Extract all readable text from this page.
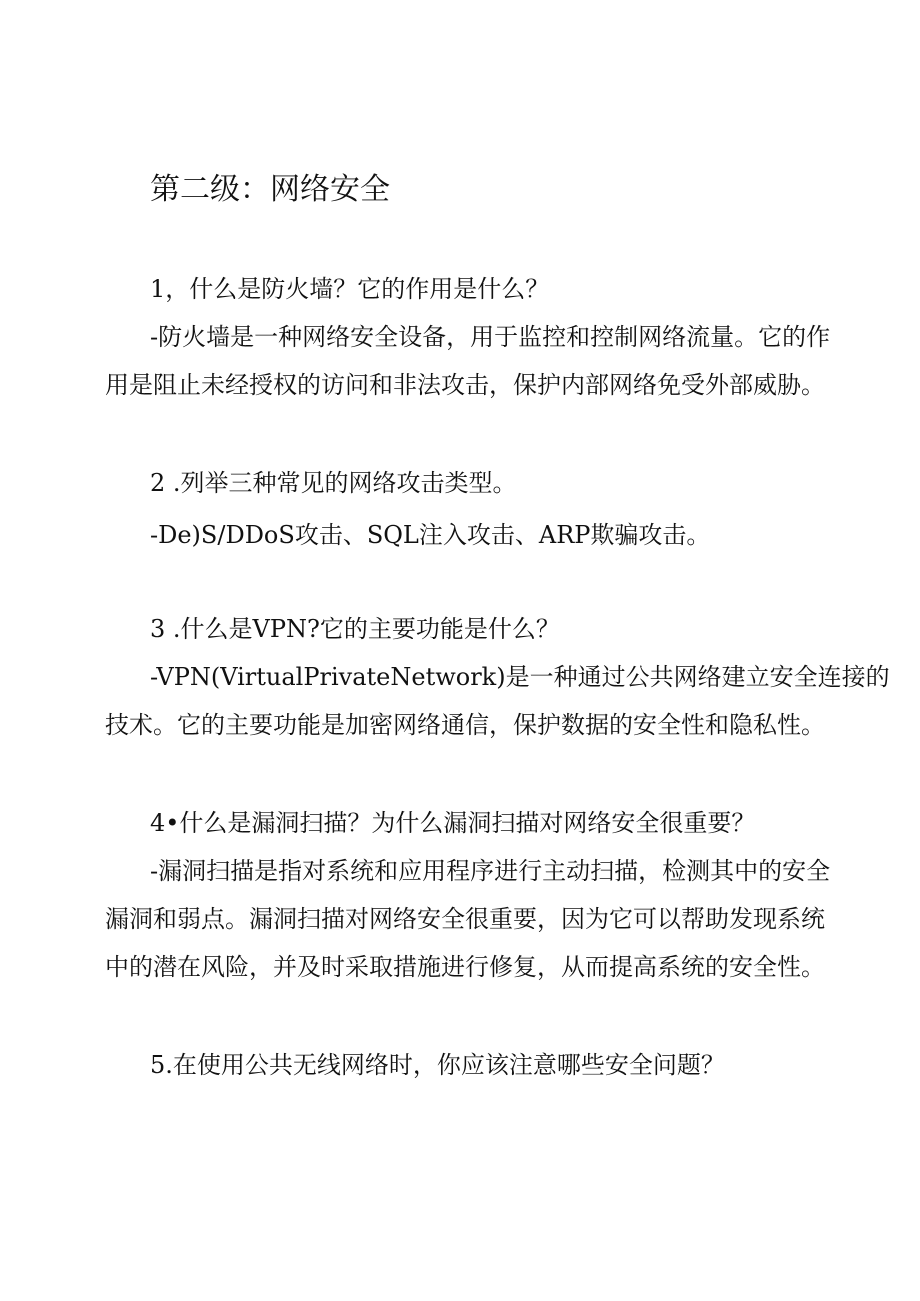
第二级：网络安全
1，什么是防火墙？它的作用是什么？
-防火墙是一种网络安全设备，用于监控和控制网络流量。它的作
用是阻止未经授权的访问和非法攻击，保护内部网络免受外部威胁。
2 .列举三种常见的网络攻击类型。
-De)S/DDoS攻击、SQL注入攻击、ARP欺骗攻击。
3 .什么是VPN?它的主要功能是什么？
-VPN(VirtualPrivateNetwork)是一种通过公共网络建立安全连接的
技术。它的主要功能是加密网络通信，保护数据的安全性和隐私性。
4•什么是漏洞扫描？为什么漏洞扫描对网络安全很重要？
-漏洞扫描是指对系统和应用程序进行主动扫描，检测其中的安全
漏洞和弱点。漏洞扫描对网络安全很重要，因为它可以帮助发现系统
中的潜在风险，并及时采取措施进行修复，从而提高系统的安全性。
5.在使用公共无线网络时，你应该注意哪些安全问题？
